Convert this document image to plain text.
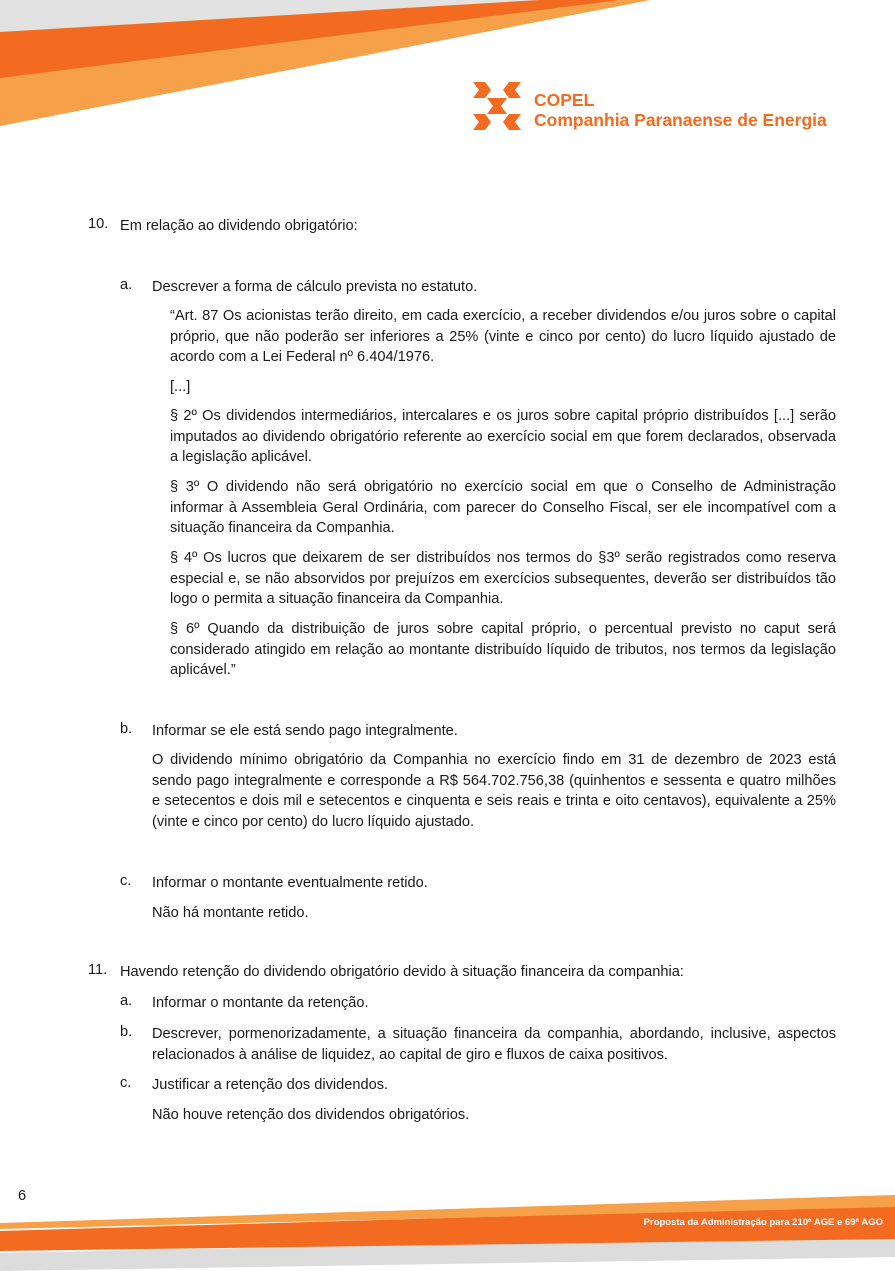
COPEL
Companhia Paranaense de Energia
10. Em relação ao dividendo obrigatório:
a. Descrever a forma de cálculo prevista no estatuto.
“Art. 87 Os acionistas terão direito, em cada exercício, a receber dividendos e/ou juros sobre o capital próprio, que não poderão ser inferiores a 25% (vinte e cinco por cento) do lucro líquido ajustado de acordo com a Lei Federal nº 6.404/1976.
[...]
§ 2º Os dividendos intermediários, intercalares e os juros sobre capital próprio distribuídos [...] serão imputados ao dividendo obrigatório referente ao exercício social em que forem declarados, observada a legislação aplicável.
§ 3º O dividendo não será obrigatório no exercício social em que o Conselho de Administração informar à Assembleia Geral Ordinária, com parecer do Conselho Fiscal, ser ele incompatível com a situação financeira da Companhia.
§ 4º Os lucros que deixarem de ser distribuídos nos termos do §3º serão registrados como reserva especial e, se não absorvidos por prejuízos em exercícios subsequentes, deverão ser distribuídos tão logo o permita a situação financeira da Companhia.
§ 6º Quando da distribuição de juros sobre capital próprio, o percentual previsto no caput será considerado atingido em relação ao montante distribuído líquido de tributos, nos termos da legislação aplicável.”
b. Informar se ele está sendo pago integralmente.
O dividendo mínimo obrigatório da Companhia no exercício findo em 31 de dezembro de 2023 está sendo pago integralmente e corresponde a R$ 564.702.756,38 (quinhentos e sessenta e quatro milhões e setecentos e dois mil e setecentos e cinquenta e seis reais e trinta e oito centavos), equivalente a 25% (vinte e cinco por cento) do lucro líquido ajustado.
c. Informar o montante eventualmente retido.
Não há montante retido.
11. Havendo retenção do dividendo obrigatório devido à situação financeira da companhia:
a. Informar o montante da retenção.
b. Descrever, pormenorizadamente, a situação financeira da companhia, abordando, inclusive, aspectos relacionados à análise de liquidez, ao capital de giro e fluxos de caixa positivos.
c. Justificar a retenção dos dividendos.
Não houve retenção dos dividendos obrigatórios.
6
Proposta da Administração para 210ª AGE e 69ª AGO
